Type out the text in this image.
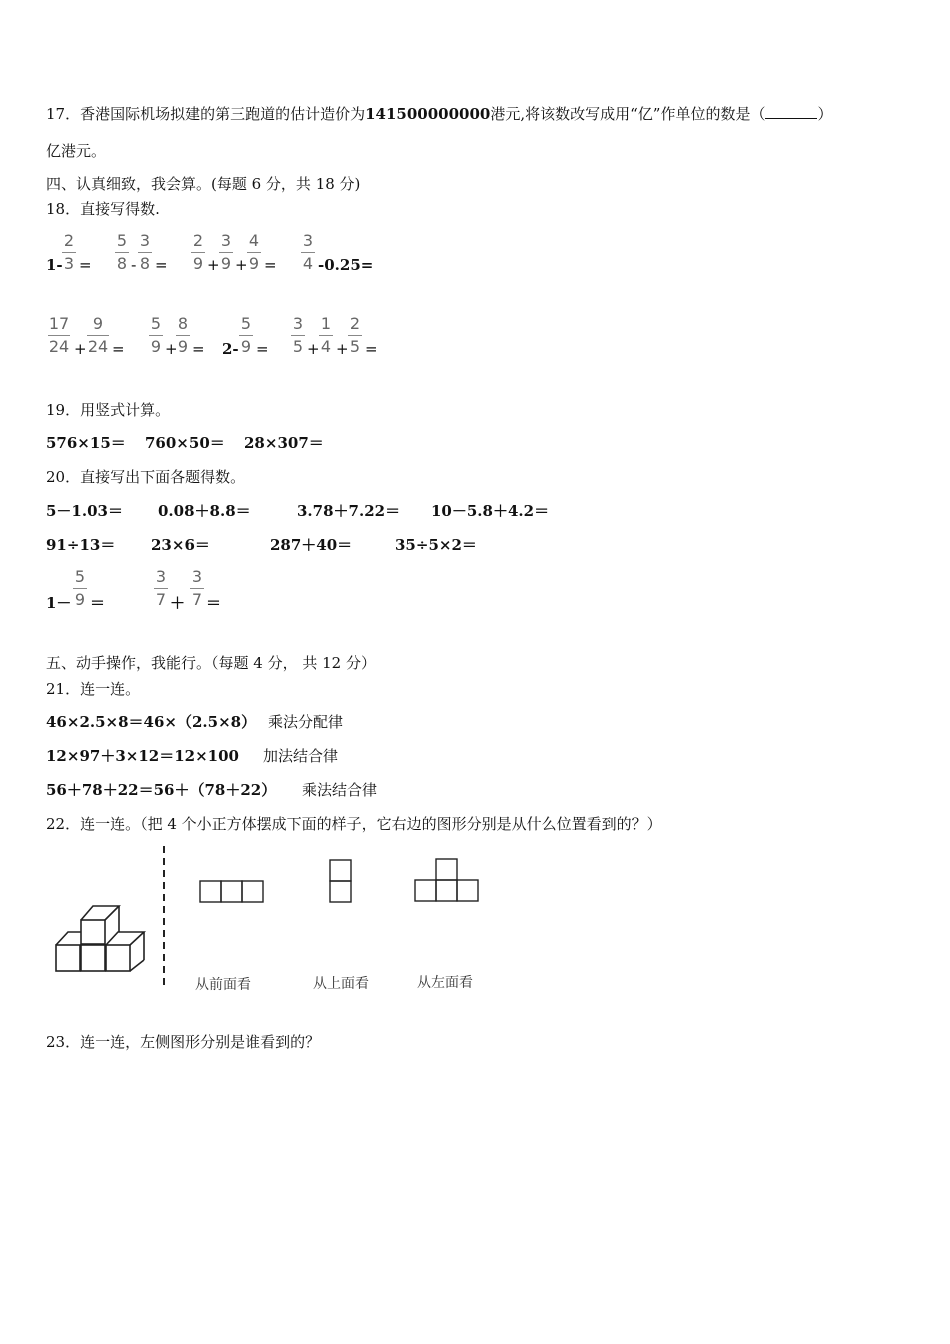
17．香港国际机场拟建的第三跑道的估计造价为141500000000港元,将该数改写成用“亿”作单位的数是（	）
亿港元。
四、认真细致，我会算。(每题 6 分，共 18 分)
18．直接写得数.
1-
2
3 =
5
8 -
3
8 =
2
9 +
3
9 +
4
9 =
3
4 -0.25=
17
24 +
9
24 =
5
9 +
8
9 = 2-
5
9 =
3
5 +
1
4 +
2
5 =
19．用竖式计算。
576×15＝ 760×50＝ 28×307＝
20．直接写出下面各题得数。
5－1.03＝ 0.08＋8.8＝	3.78＋7.22＝ 10－5.8＋4.2＝
91÷13＝ 23×6＝	287＋40＝	35÷5×2＝
1－
5
9 ＝
3
7 ＋
3
7 ＝
五、动手操作，我能行。（每题 4 分， 共 12 分）
21．连一连。
46×2.5×8＝46×（2.5×8） 乘法分配律
12×97＋3×12＝12×100 加法结合律
56＋78＋22＝56＋（78＋22） 乘法结合律
22．连一连。（把 4 个小正方体摆成下面的样子，它右边的图形分别是从什么位置看到的？）
从前面看	从上面看	从左面看
23．连一连，左侧图形分别是谁看到的？
